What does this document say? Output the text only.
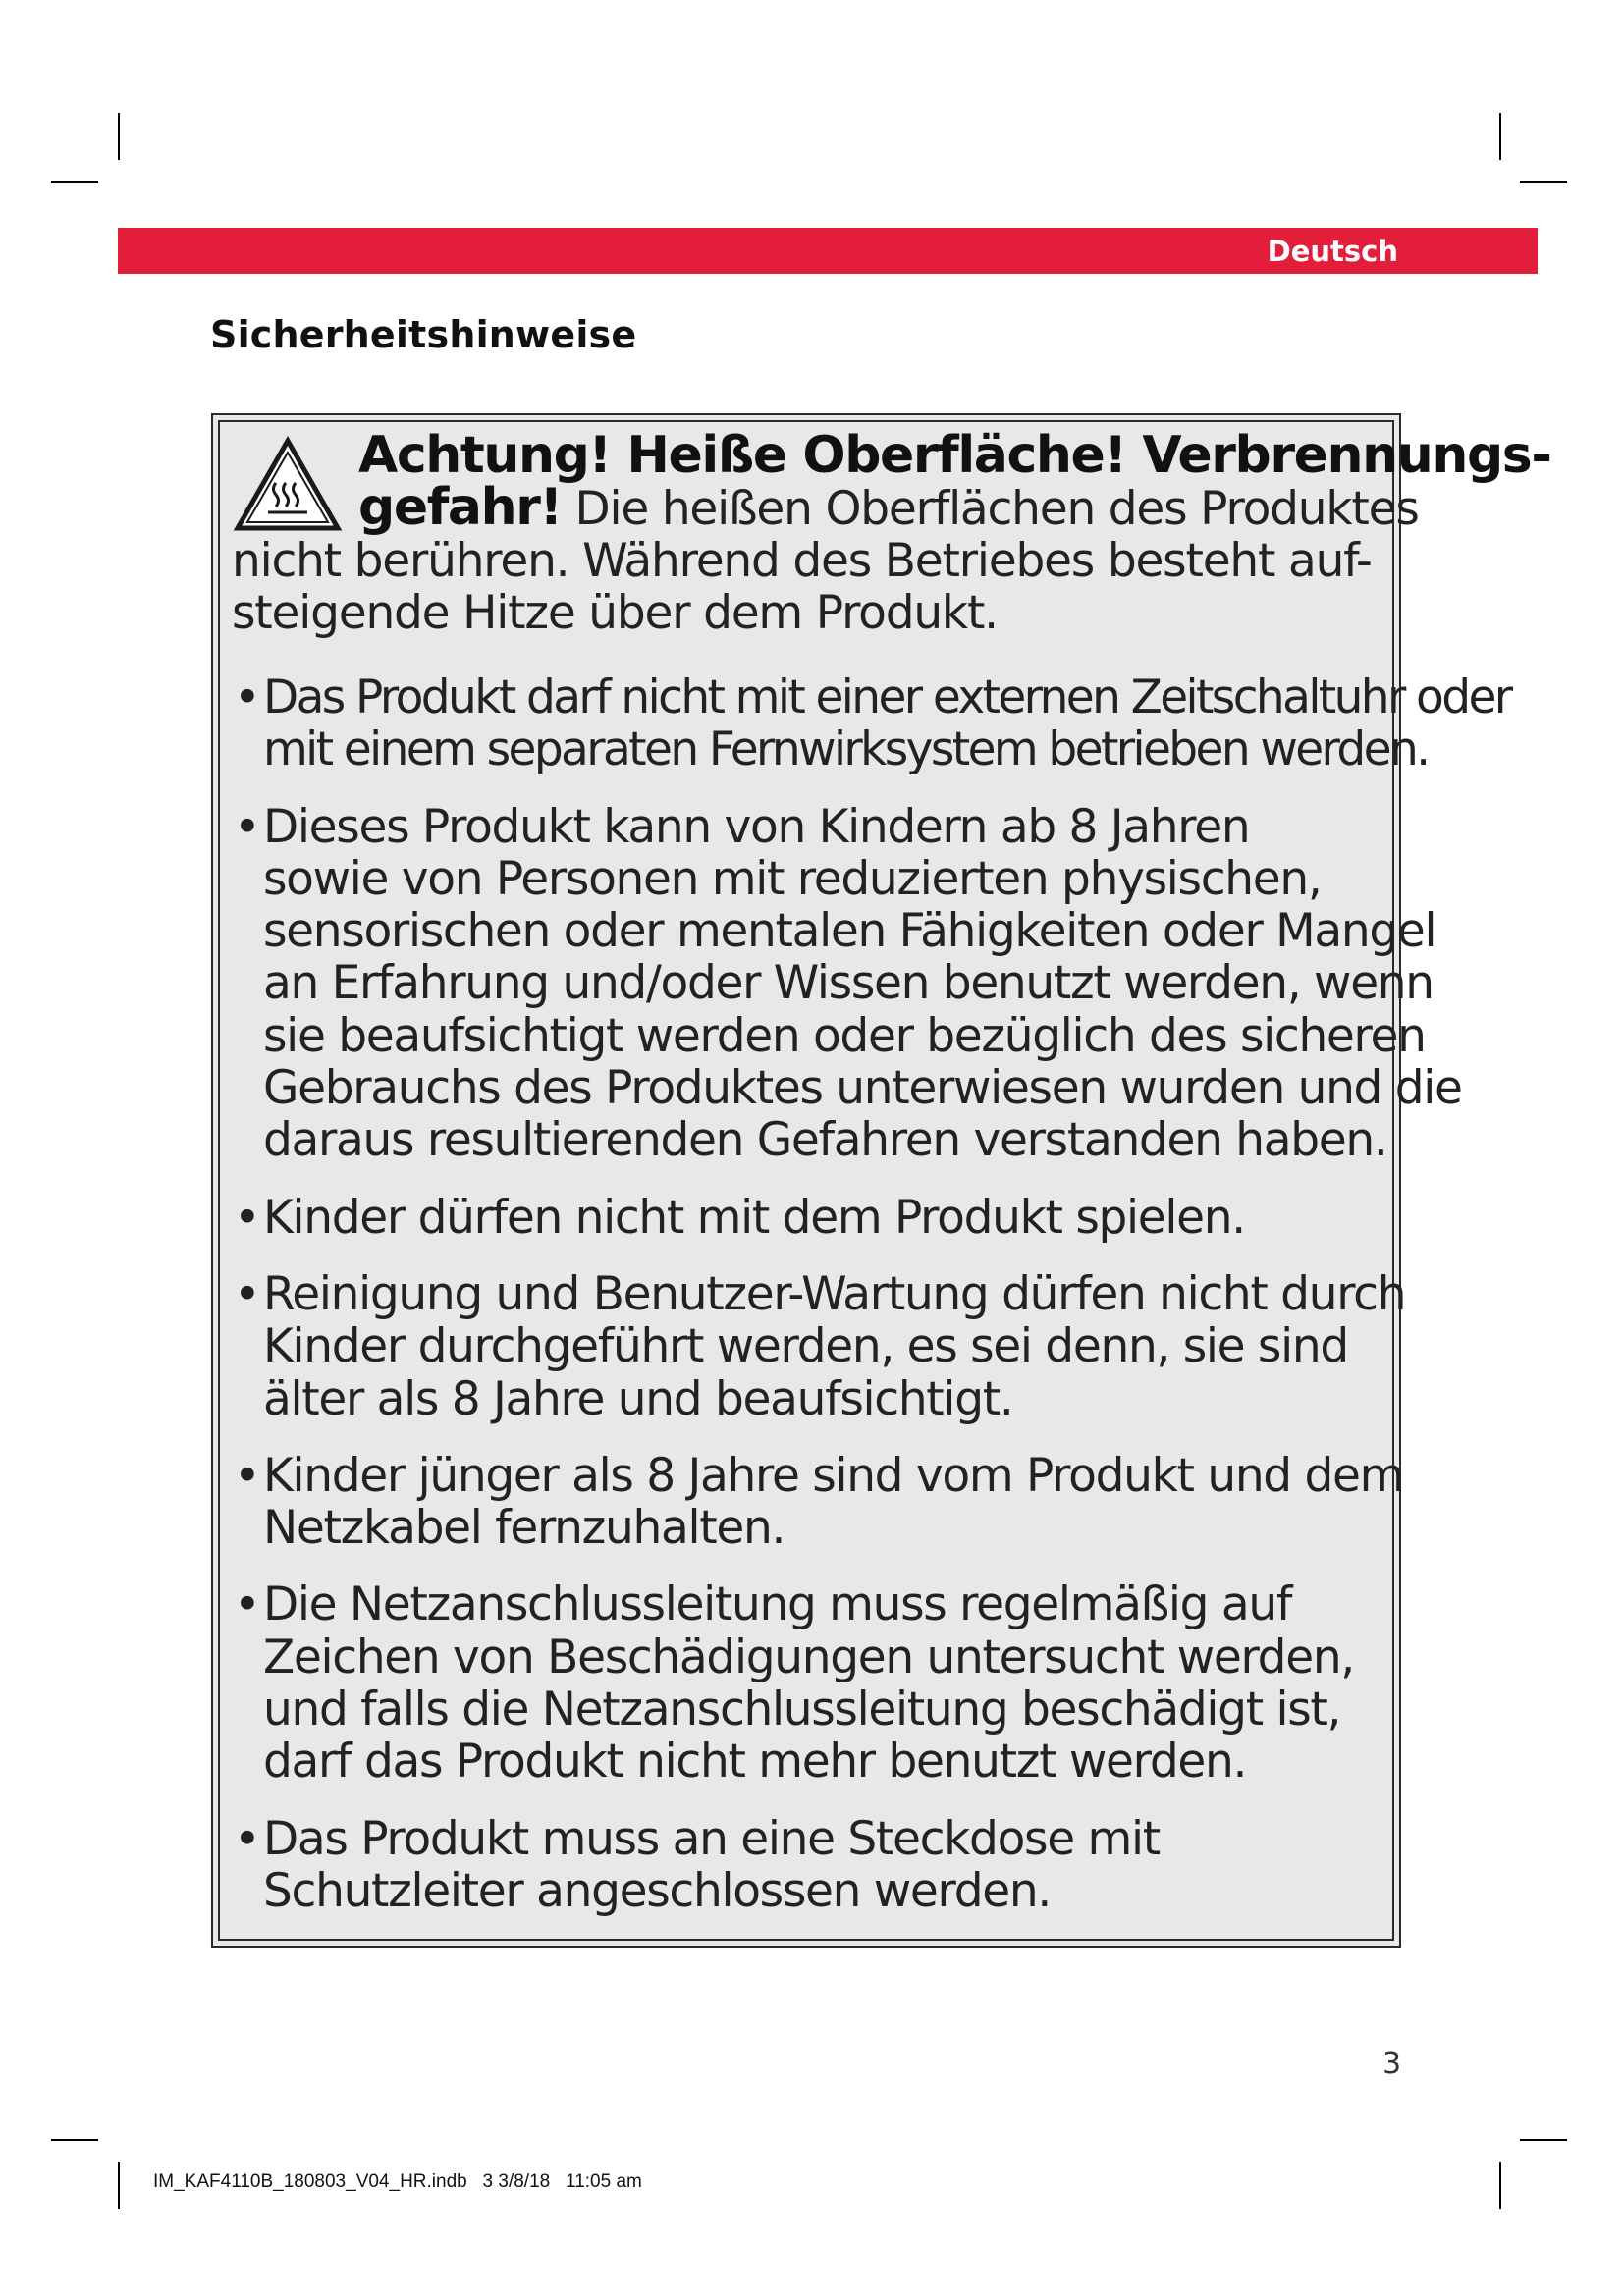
Deutsch
Sicherheitshinweise
Achtung! Heiße Oberfläche! Verbrennungs-
gefahr! Die heißen Oberflächen des Produktes
nicht berühren. Während des Betriebes besteht auf-
steigende Hitze über dem Produkt.
• Das Produkt darf nicht mit einer externen Zeitschaltuhr oder
mit einem separaten Fernwirksystem betrieben werden.
• Dieses Produkt kann von Kindern ab 8 Jahren
sowie von Personen mit reduzierten physischen,
sensorischen oder mentalen Fähigkeiten oder Mangel
an Erfahrung und/oder Wissen benutzt werden, wenn
sie beaufsichtigt werden oder bezüglich des sicheren
Gebrauchs des Produktes unterwiesen wurden und die
daraus resultierenden Gefahren verstanden haben.
• Kinder dürfen nicht mit dem Produkt spielen.
• Reinigung und Benutzer-Wartung dürfen nicht durch
Kinder durchgeführt werden, es sei denn, sie sind
älter als 8 Jahre und beaufsichtigt.
• Kinder jünger als 8 Jahre sind vom Produkt und dem
Netzkabel fernzuhalten.
• Die Netzanschlussleitung muss regelmäßig auf
Zeichen von Beschädigungen untersucht werden,
und falls die Netzanschlussleitung beschädigt ist,
darf das Produkt nicht mehr benutzt werden.
• Das Produkt muss an eine Steckdose mit
Schutzleiter angeschlossen werden.
3
IM_KAF4110B_180803_V04_HR.indb   3 3/8/18   11:05 am
